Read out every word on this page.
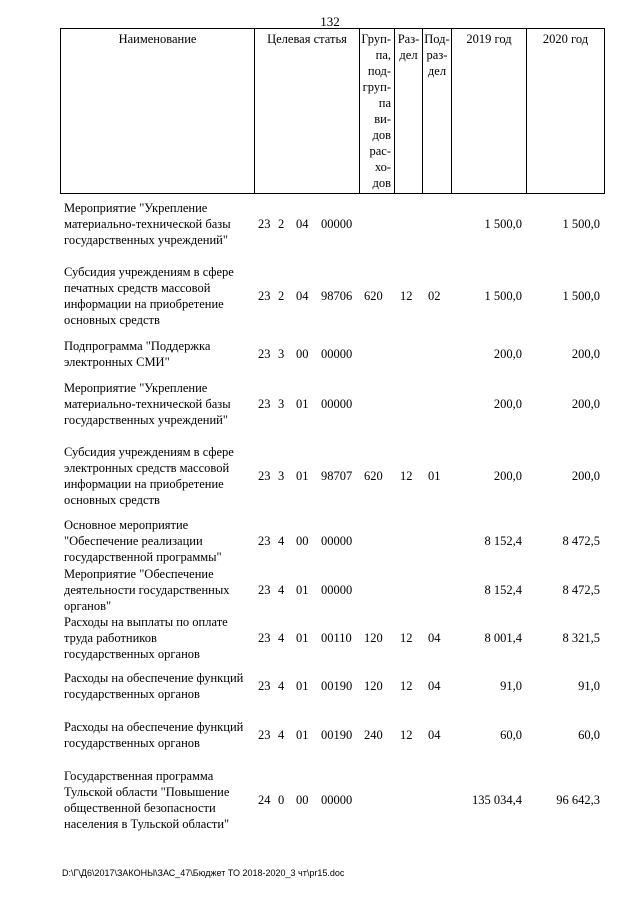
132
Наименование	Целевая статья	Груп-
па,
под-
груп-
па ви-
дов
рас-
хо-
дов	Раз-
дел	Под-
раз-
дел	2019 год	2020 год
Мероприятие "Укрепление
материально-технической базы
государственных учреждений"
23 2 04 00000	1 500,0	1 500,0
Субсидия учреждениям в сфере
печатных средств массовой
информации на приобретение
основных средств
23 2 04 98706 620 12 02	1 500,0	1 500,0
Подпрограмма "Поддержка
электронных СМИ"
23 3 00 00000	200,0	200,0
Мероприятие "Укрепление
материально-технической базы
государственных учреждений"
23 3 01 00000	200,0	200,0
Субсидия учреждениям в сфере
электронных средств массовой
информации на приобретение
основных средств
23 3 01 98707 620 12 01	200,0	200,0
Основное мероприятие
"Обеспечение реализации
государственной программы"
23 4 00 00000	8 152,4	8 472,5
Мероприятие "Обеспечение
деятельности государственных
органов"
23 4 01 00000	8 152,4	8 472,5
Расходы на выплаты по оплате
труда работников
государственных органов
23 4 01 00110 120 12 04	8 001,4	8 321,5
Расходы на обеспечение функций
государственных органов
23 4 01 00190 120 12 04	91,0	91,0
Расходы на обеспечение функций
государственных органов
23 4 01 00190 240 12 04	60,0	60,0
Государственная программа
Тульской области "Повышение
общественной безопасности
населения в Тульской области"
24 0 00 00000	135 034,4	96 642,3
D:\Г\Д6\2017\ЗАКОНЫ\ЗАС_47\Бюджет ТО 2018-2020_3 чт\pr15.doc
